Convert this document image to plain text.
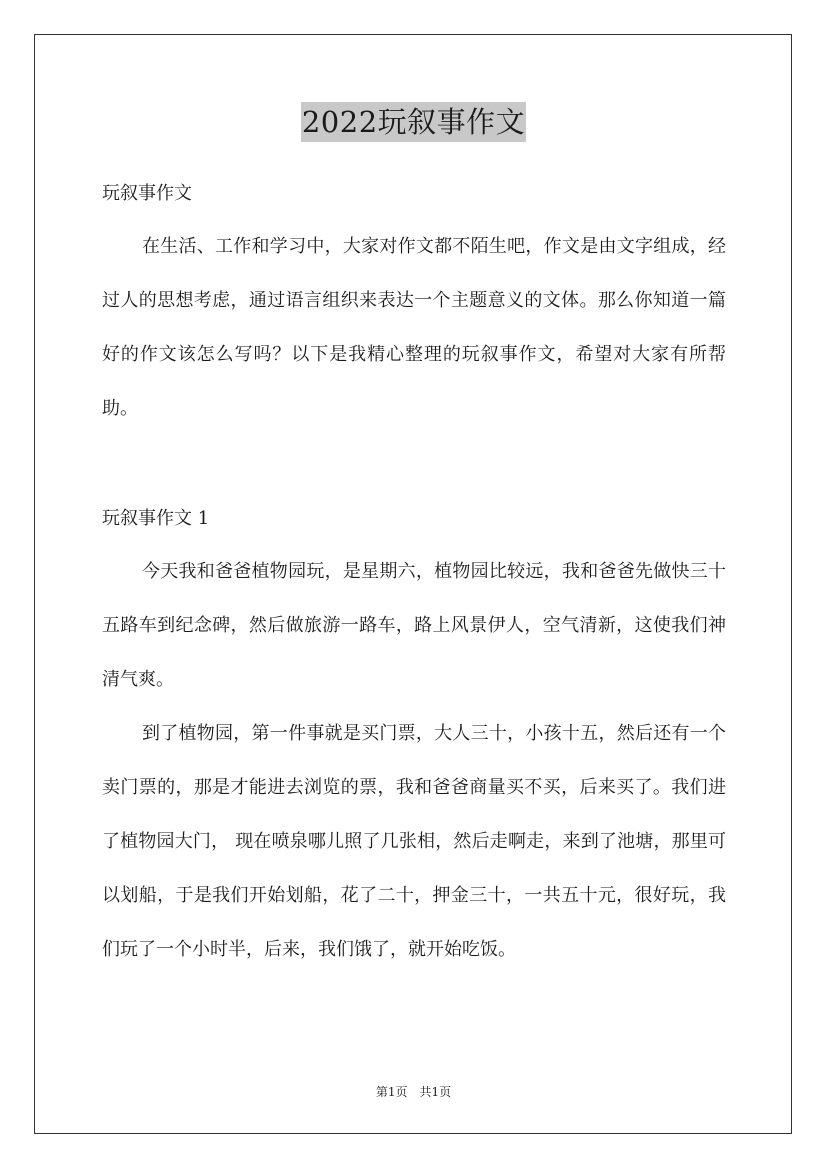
2022玩叙事作文
玩叙事作文

在生活、工作和学习中，大家对作文都不陌生吧，作文是由文字组成，经过人的思想考虑，通过语言组织来表达一个主题意义的文体。那么你知道一篇好的作文该怎么写吗？以下是我精心整理的玩叙事作文，希望对大家有所帮助。

玩叙事作文 1

今天我和爸爸植物园玩，是星期六，植物园比较远，我和爸爸先做快三十五路车到纪念碑，然后做旅游一路车，路上风景伊人，空气清新，这使我们神清气爽。

到了植物园，第一件事就是买门票，大人三十，小孩十五，然后还有一个卖门票的，那是才能进去浏览的票，我和爸爸商量买不买，后来买了。我们进了植物园大门， 现在喷泉哪儿照了几张相，然后走啊走，来到了池塘，那里可以划船，于是我们开始划船，花了二十，押金三十，一共五十元，很好玩，我们玩了一个小时半，后来，我们饿了，就开始吃饭。

第1页　共1页
